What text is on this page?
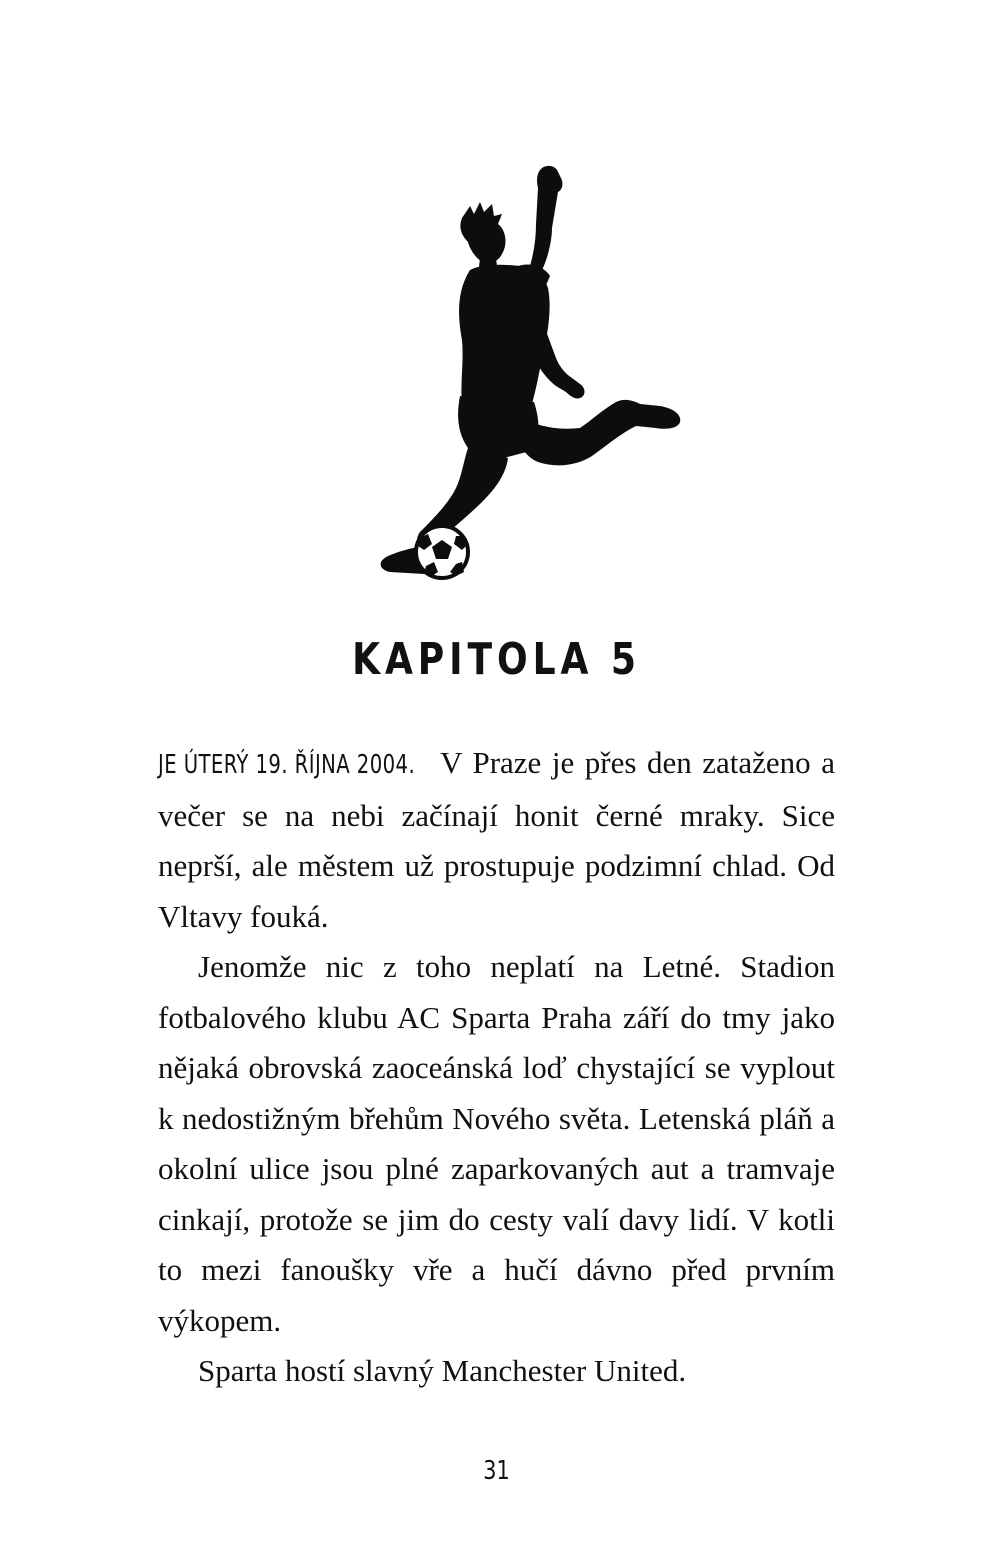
KAPITOLA 5

JE ÚTERÝ 19. ŘÍJNA 2004. V Praze je přes den zataženo a večer se na nebi začínají honit černé mraky. Sice neprší, ale městem už prostupuje podzimní chlad. Od Vltavy fouká.

Jenomže nic z toho neplatí na Letné. Stadion fotbalového klubu AC Sparta Praha září do tmy jako nějaká obrovská zaoceánská loď chystající se vyplout k nedostižným břehům Nového světa. Letenská pláň a okolní ulice jsou plné zaparkovaných aut a tramvaje cinkají, protože se jim do cesty valí davy lidí. V kotli to mezi fanoušky vře a hučí dávno před prvním výkopem.

Sparta hostí slavný Manchester United.

31
